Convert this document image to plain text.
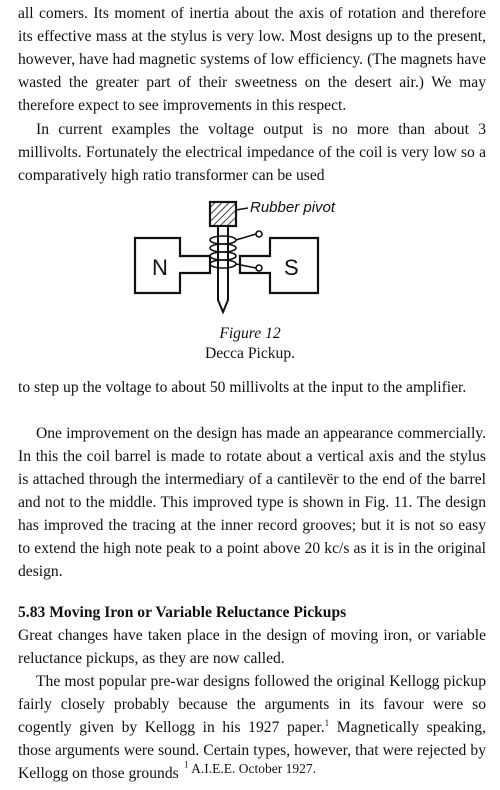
all comers. Its moment of inertia about the axis of rotation and therefore its effective mass at the stylus is very low. Most designs up to the present, however, have had magnetic systems of low efficiency. (The magnets have wasted the greater part of their sweetness on the desert air.) We may therefore expect to see improvements in this respect.

In current examples the voltage output is no more than about 3 millivolts. Fortunately the electrical impedance of the coil is very low so a comparatively high ratio transformer can be used

Rubber pivot
N	S

Figure 12

Decca Pickup.

to step up the voltage to about 50 millivolts at the input to the amplifier.

One improvement on the design has made an appearance commercially. In this the coil barrel is made to rotate about a vertical axis and the stylus is attached through the intermediary of a cantilevër to the end of the barrel and not to the middle. This improved type is shown in Fig. 11. The design has improved the tracing at the inner record grooves; but it is not so easy to extend the high note peak to a point above 20 kc/s as it is in the original design.

5.83 Moving Iron or Variable Reluctance Pickups

Great changes have taken place in the design of moving iron, or variable reluctance pickups, as they are now called.

The most popular pre-war designs followed the original Kellogg pickup fairly closely probably because the arguments in its favour were so cogently given by Kellogg in his 1927 paper.$^1$ Magnetically speaking, those arguments were sound. Certain types, however, that were rejected by Kellogg on those grounds

$^1$ A.I.E.E. October 1927.
